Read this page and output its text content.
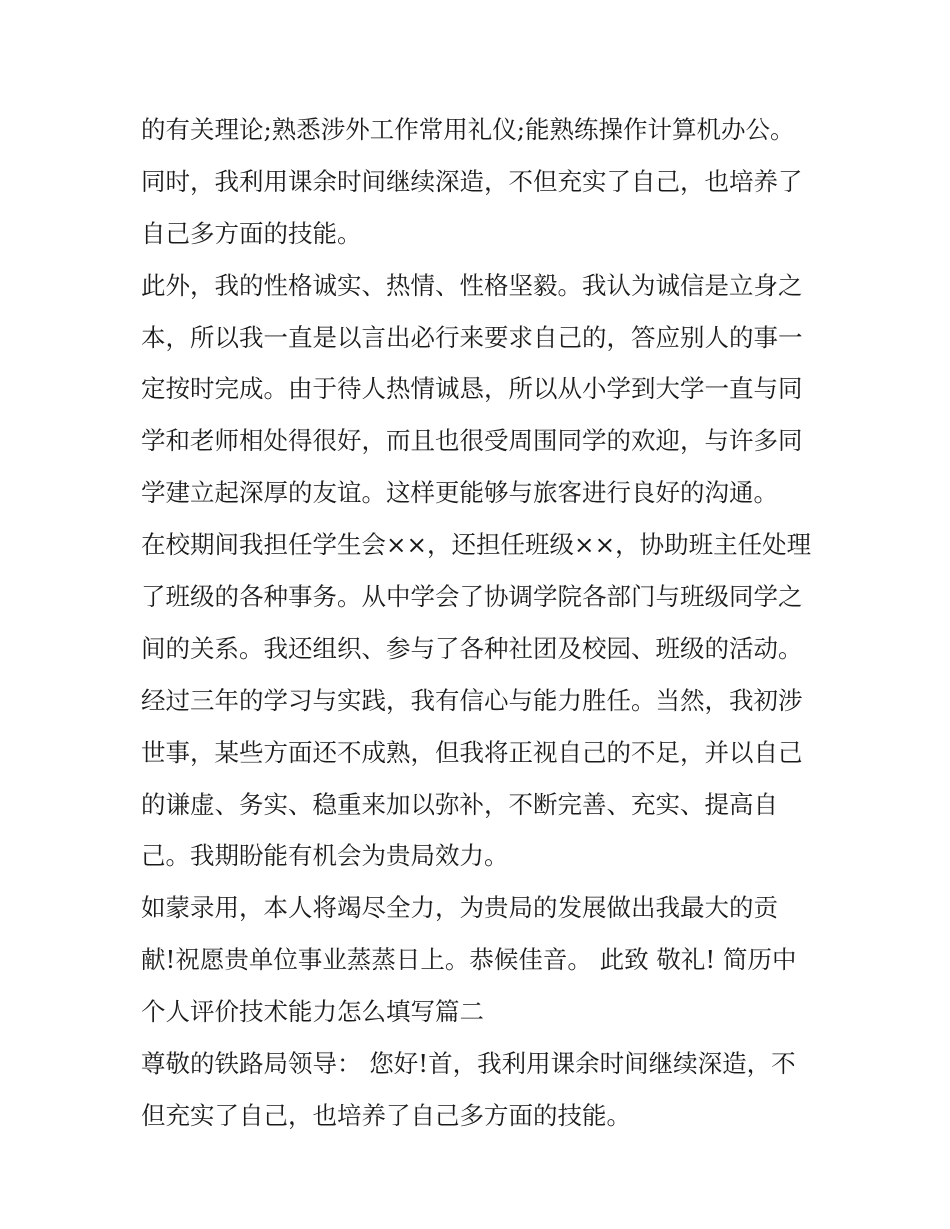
的有关理论;熟悉涉外工作常用礼仪;能熟练操作计算机办公。
同时，我利用课余时间继续深造，不但充实了自己，也培养了
自己多方面的技能。
此外，我的性格诚实、热情、性格坚毅。我认为诚信是立身之
本，所以我一直是以言出必行来要求自己的，答应别人的事一
定按时完成。由于待人热情诚恳，所以从小学到大学一直与同
学和老师相处得很好，而且也很受周围同学的欢迎，与许多同
学建立起深厚的友谊。这样更能够与旅客进行良好的沟通。
在校期间我担任学生会××，还担任班级××，协助班主任处理
了班级的各种事务。从中学会了协调学院各部门与班级同学之
间的关系。我还组织、参与了各种社团及校园、班级的活动。
经过三年的学习与实践，我有信心与能力胜任。当然，我初涉
世事，某些方面还不成熟，但我将正视自己的不足，并以自己
的谦虚、务实、稳重来加以弥补，不断完善、充实、提高自
己。我期盼能有机会为贵局效力。
如蒙录用，本人将竭尽全力，为贵局的发展做出我最大的贡
献!祝愿贵单位事业蒸蒸日上。恭候佳音。 此致 敬礼! 简历中
个人评价技术能力怎么填写篇二
尊敬的铁路局领导： 您好!首，我利用课余时间继续深造，不
但充实了自己，也培养了自己多方面的技能。
